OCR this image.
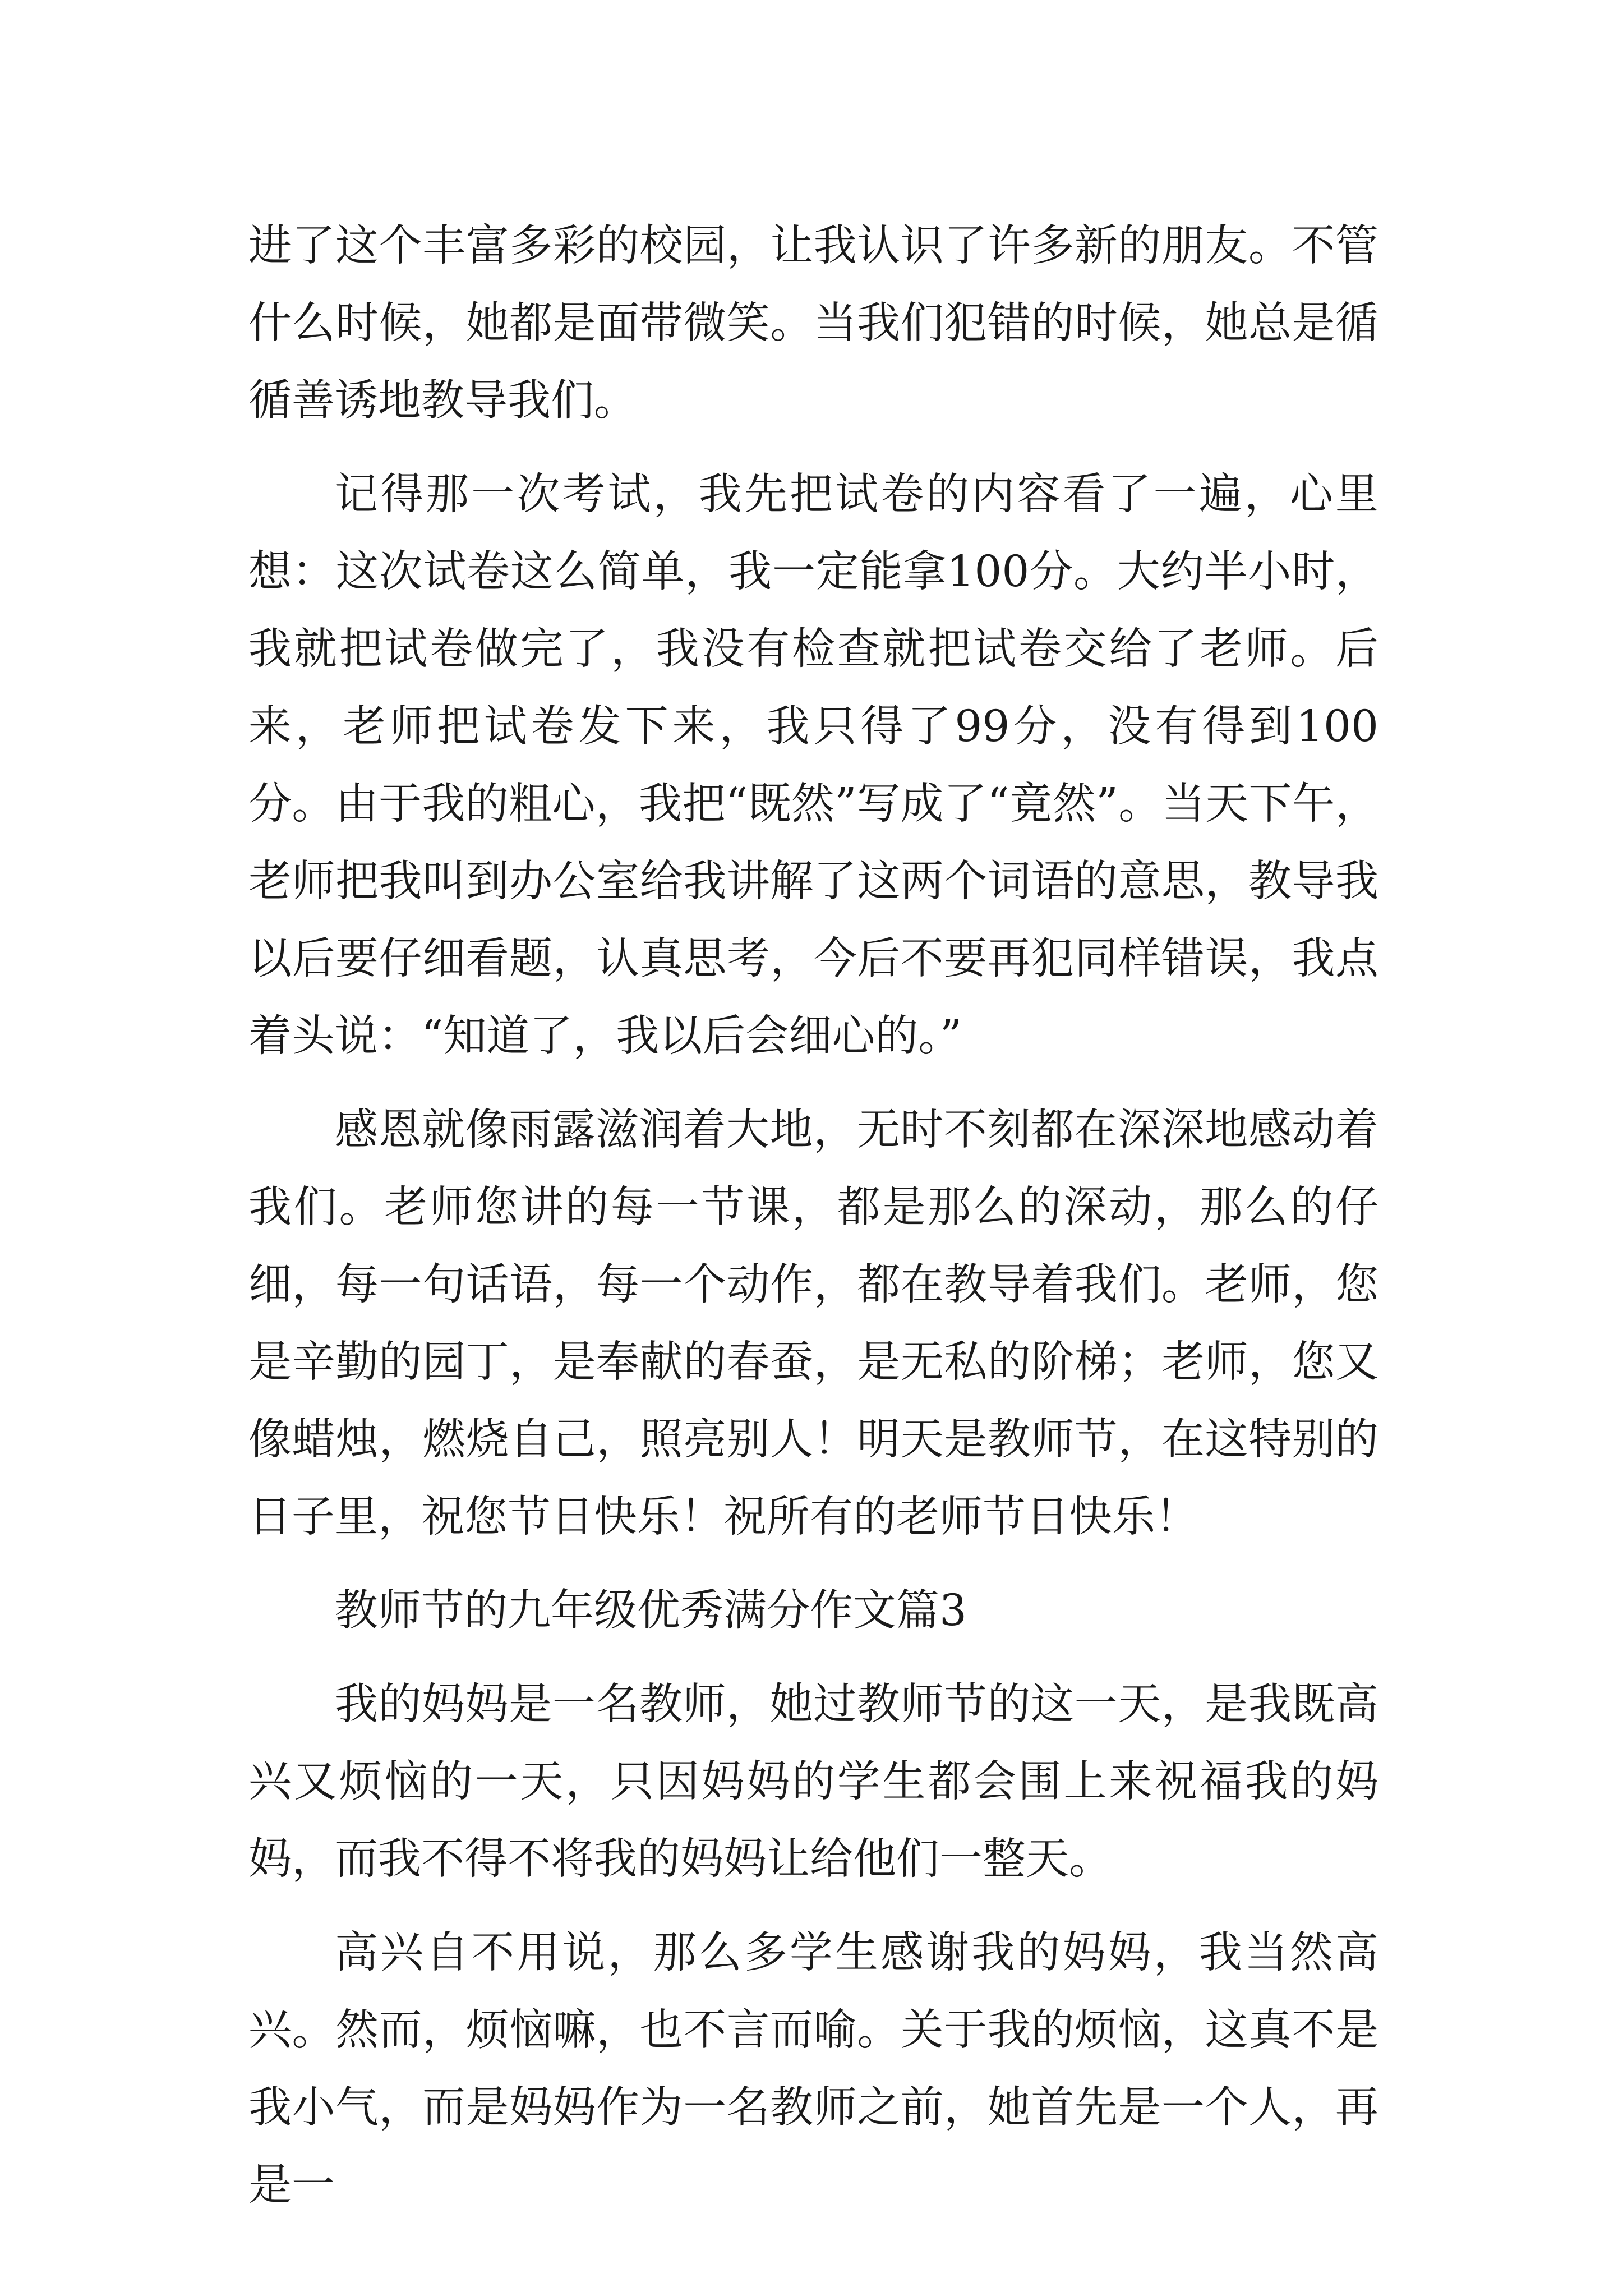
进了这个丰富多彩的校园，让我认识了许多新的朋友。不管什么时候，她都是面带微笑。当我们犯错的时候，她总是循循善诱地教导我们。

记得那一次考试，我先把试卷的内容看了一遍，心里想：这次试卷这么简单，我一定能拿100分。大约半小时，我就把试卷做完了，我没有检查就把试卷交给了老师。后来，老师把试卷发下来，我只得了99分，没有得到100分。由于我的粗心，我把“既然”写成了“竟然”。当天下午，老师把我叫到办公室给我讲解了这两个词语的意思，教导我以后要仔细看题，认真思考，今后不要再犯同样错误，我点着头说：“知道了，我以后会细心的。”

感恩就像雨露滋润着大地，无时不刻都在深深地感动着我们。老师您讲的每一节课，都是那么的深动，那么的仔细，每一句话语，每一个动作，都在教导着我们。老师，您是辛勤的园丁，是奉献的春蚕，是无私的阶梯；老师，您又像蜡烛，燃烧自己，照亮别人！明天是教师节，在这特别的日子里，祝您节日快乐！祝所有的老师节日快乐！

教师节的九年级优秀满分作文篇3

我的妈妈是一名教师，她过教师节的这一天，是我既高兴又烦恼的一天，只因妈妈的学生都会围上来祝福我的妈妈，而我不得不将我的妈妈让给他们一整天。

高兴自不用说，那么多学生感谢我的妈妈，我当然高兴。然而，烦恼嘛，也不言而喻。关于我的烦恼，这真不是我小气，而是妈妈作为一名教师之前，她首先是一个人，再是一
